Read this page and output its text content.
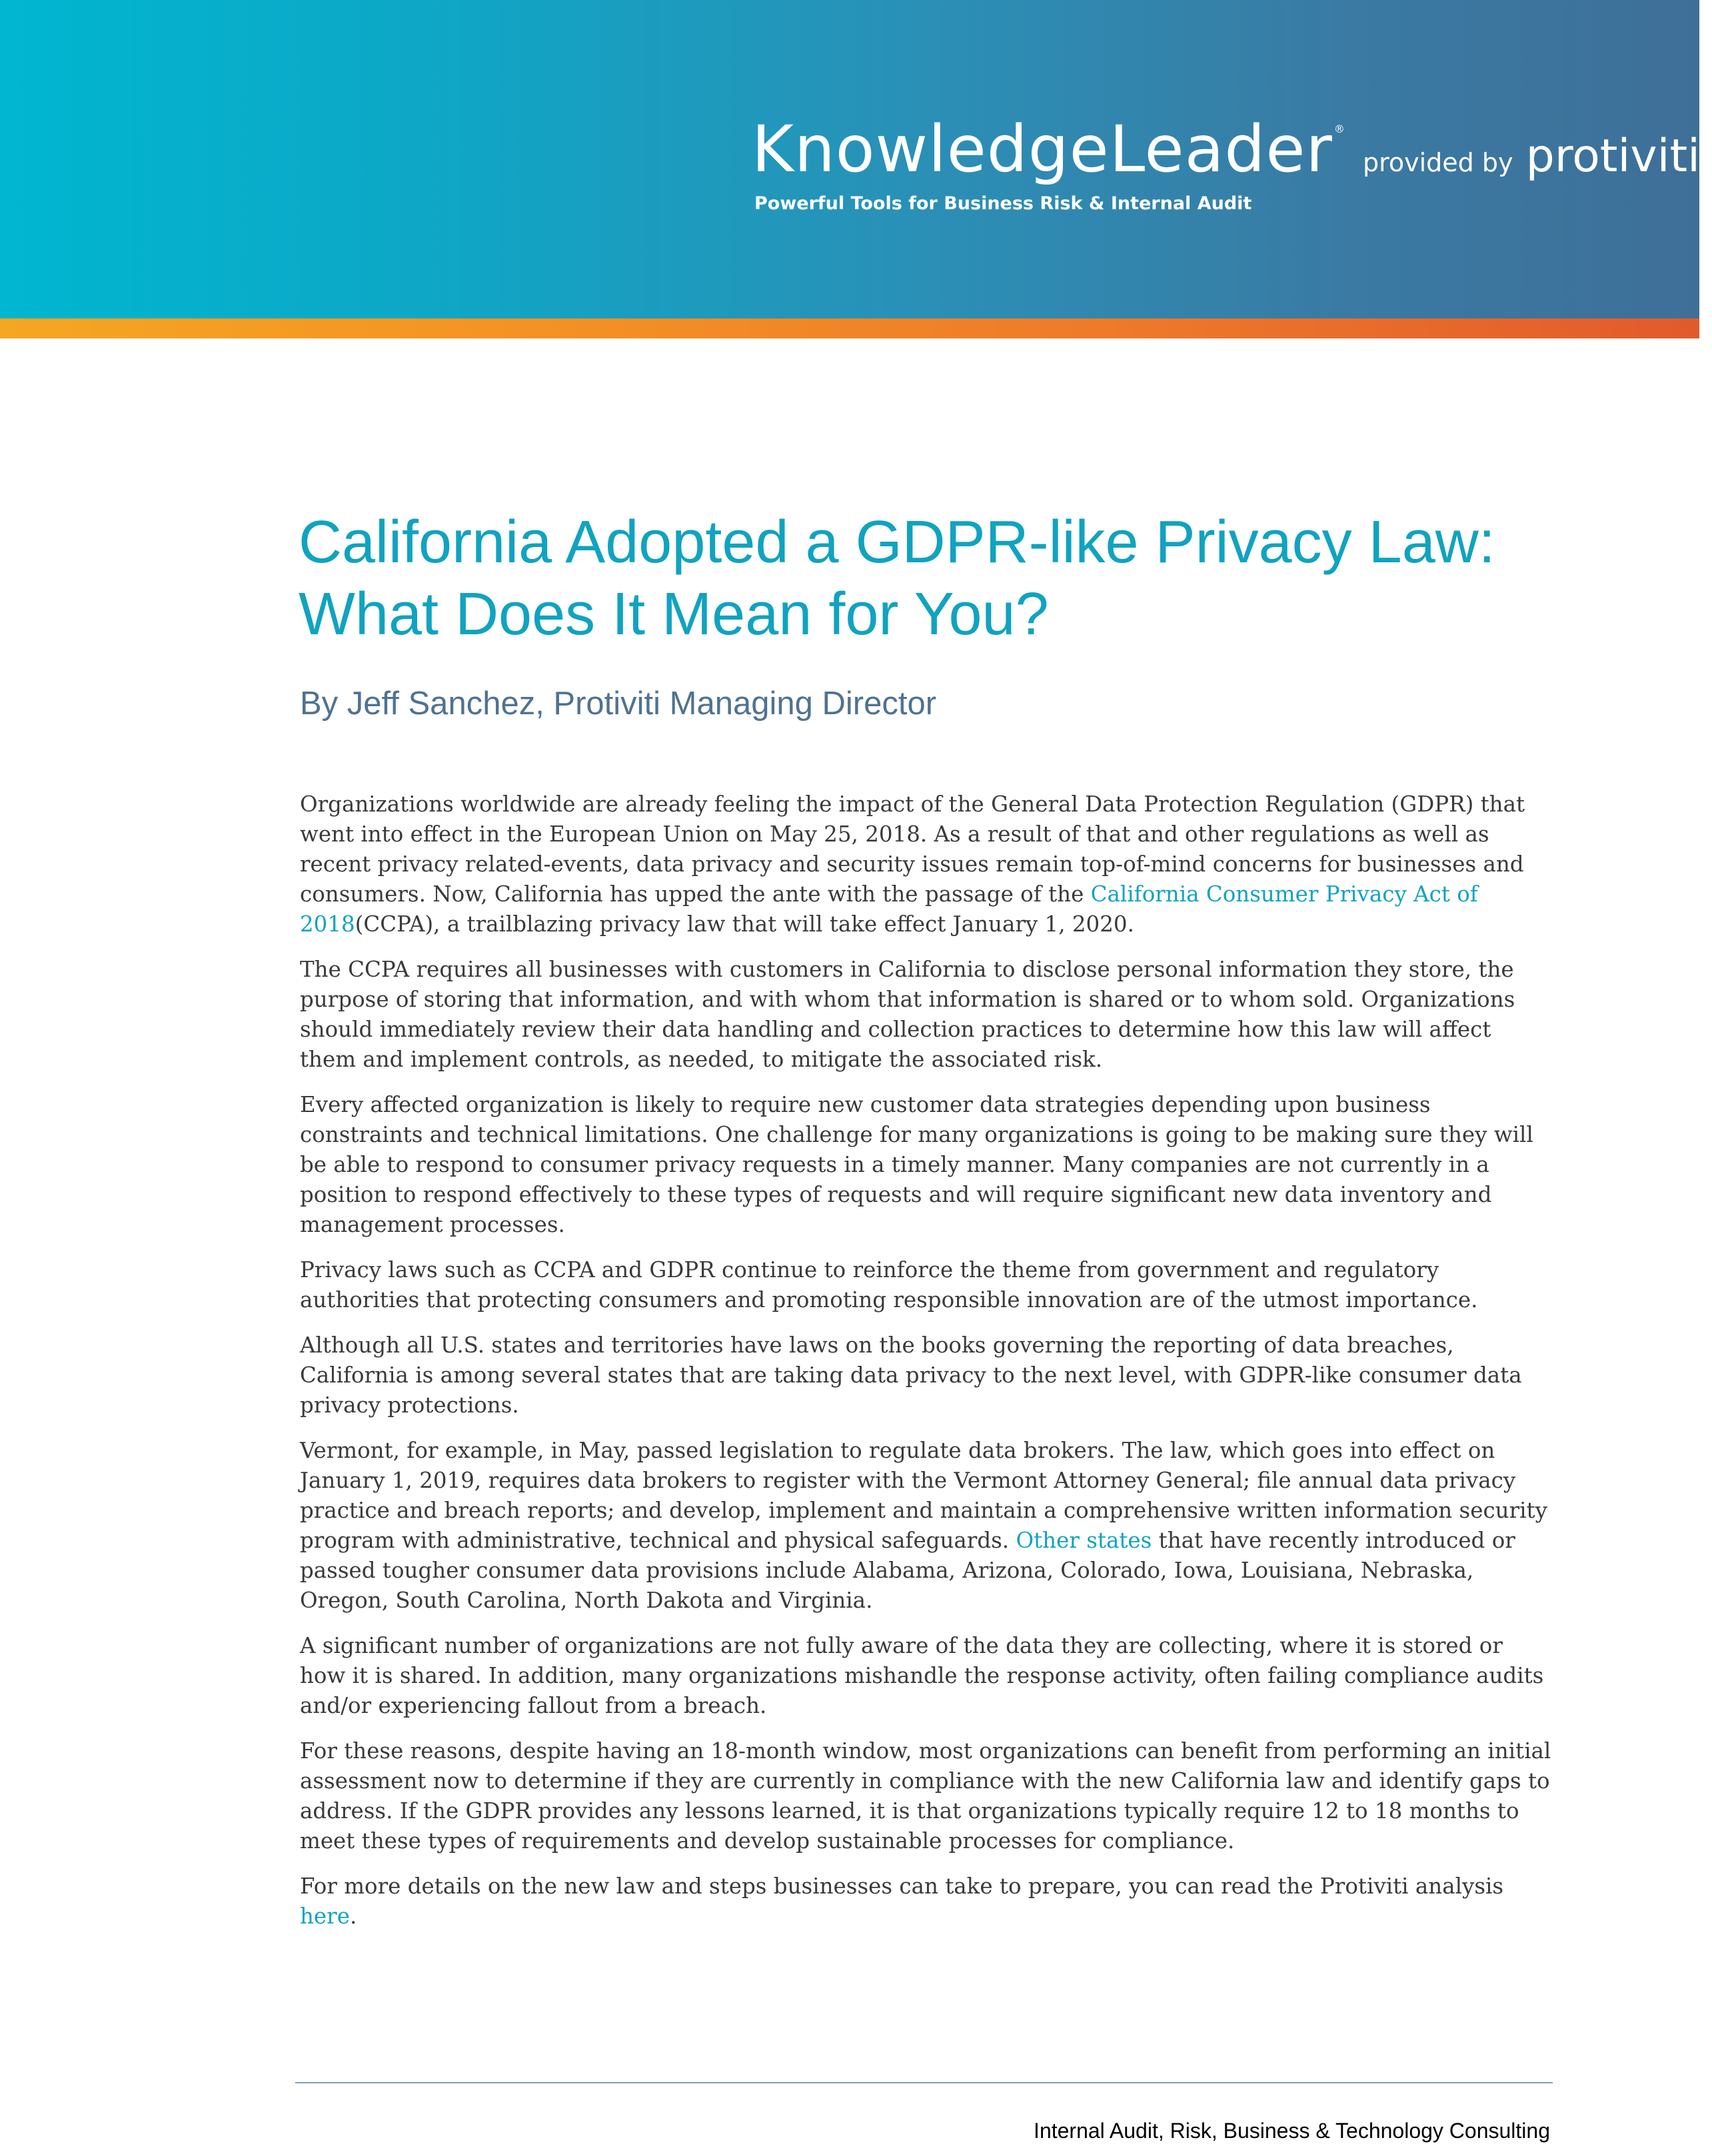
KnowledgeLeader ® provided by protiviti®
Powerful Tools for Business Risk & Internal Audit
California Adopted a GDPR-like Privacy Law:
What Does It Mean for You?
By Jeff Sanchez, Protiviti Managing Director

Organizations worldwide are already feeling the impact of the General Data Protection Regulation (GDPR) that went into effect in the European Union on May 25, 2018. As a result of that and other regulations as well as recent privacy related-events, data privacy and security issues remain top-of-mind concerns for businesses and consumers. Now, California has upped the ante with the passage of the California Consumer Privacy Act of 2018(CCPA), a trailblazing privacy law that will take effect January 1, 2020.

The CCPA requires all businesses with customers in California to disclose personal information they store, the purpose of storing that information, and with whom that information is shared or to whom sold. Organizations should immediately review their data handling and collection practices to determine how this law will affect them and implement controls, as needed, to mitigate the associated risk.

Every affected organization is likely to require new customer data strategies depending upon business constraints and technical limitations. One challenge for many organizations is going to be making sure they will be able to respond to consumer privacy requests in a timely manner. Many companies are not currently in a position to respond effectively to these types of requests and will require significant new data inventory and management processes.

Privacy laws such as CCPA and GDPR continue to reinforce the theme from government and regulatory authorities that protecting consumers and promoting responsible innovation are of the utmost importance.

Although all U.S. states and territories have laws on the books governing the reporting of data breaches, California is among several states that are taking data privacy to the next level, with GDPR-like consumer data privacy protections.

Vermont, for example, in May, passed legislation to regulate data brokers. The law, which goes into effect on January 1, 2019, requires data brokers to register with the Vermont Attorney General; file annual data privacy practice and breach reports; and develop, implement and maintain a comprehensive written information security program with administrative, technical and physical safeguards. Other states that have recently introduced or passed tougher consumer data provisions include Alabama, Arizona, Colorado, Iowa, Louisiana, Nebraska, Oregon, South Carolina, North Dakota and Virginia.

A significant number of organizations are not fully aware of the data they are collecting, where it is stored or how it is shared. In addition, many organizations mishandle the response activity, often failing compliance audits and/or experiencing fallout from a breach.

For these reasons, despite having an 18-month window, most organizations can benefit from performing an initial assessment now to determine if they are currently in compliance with the new California law and identify gaps to address. If the GDPR provides any lessons learned, it is that organizations typically require 12 to 18 months to meet these types of requirements and develop sustainable processes for compliance.

For more details on the new law and steps businesses can take to prepare, you can read the Protiviti analysis here.

Internal Audit, Risk, Business & Technology Consulting
